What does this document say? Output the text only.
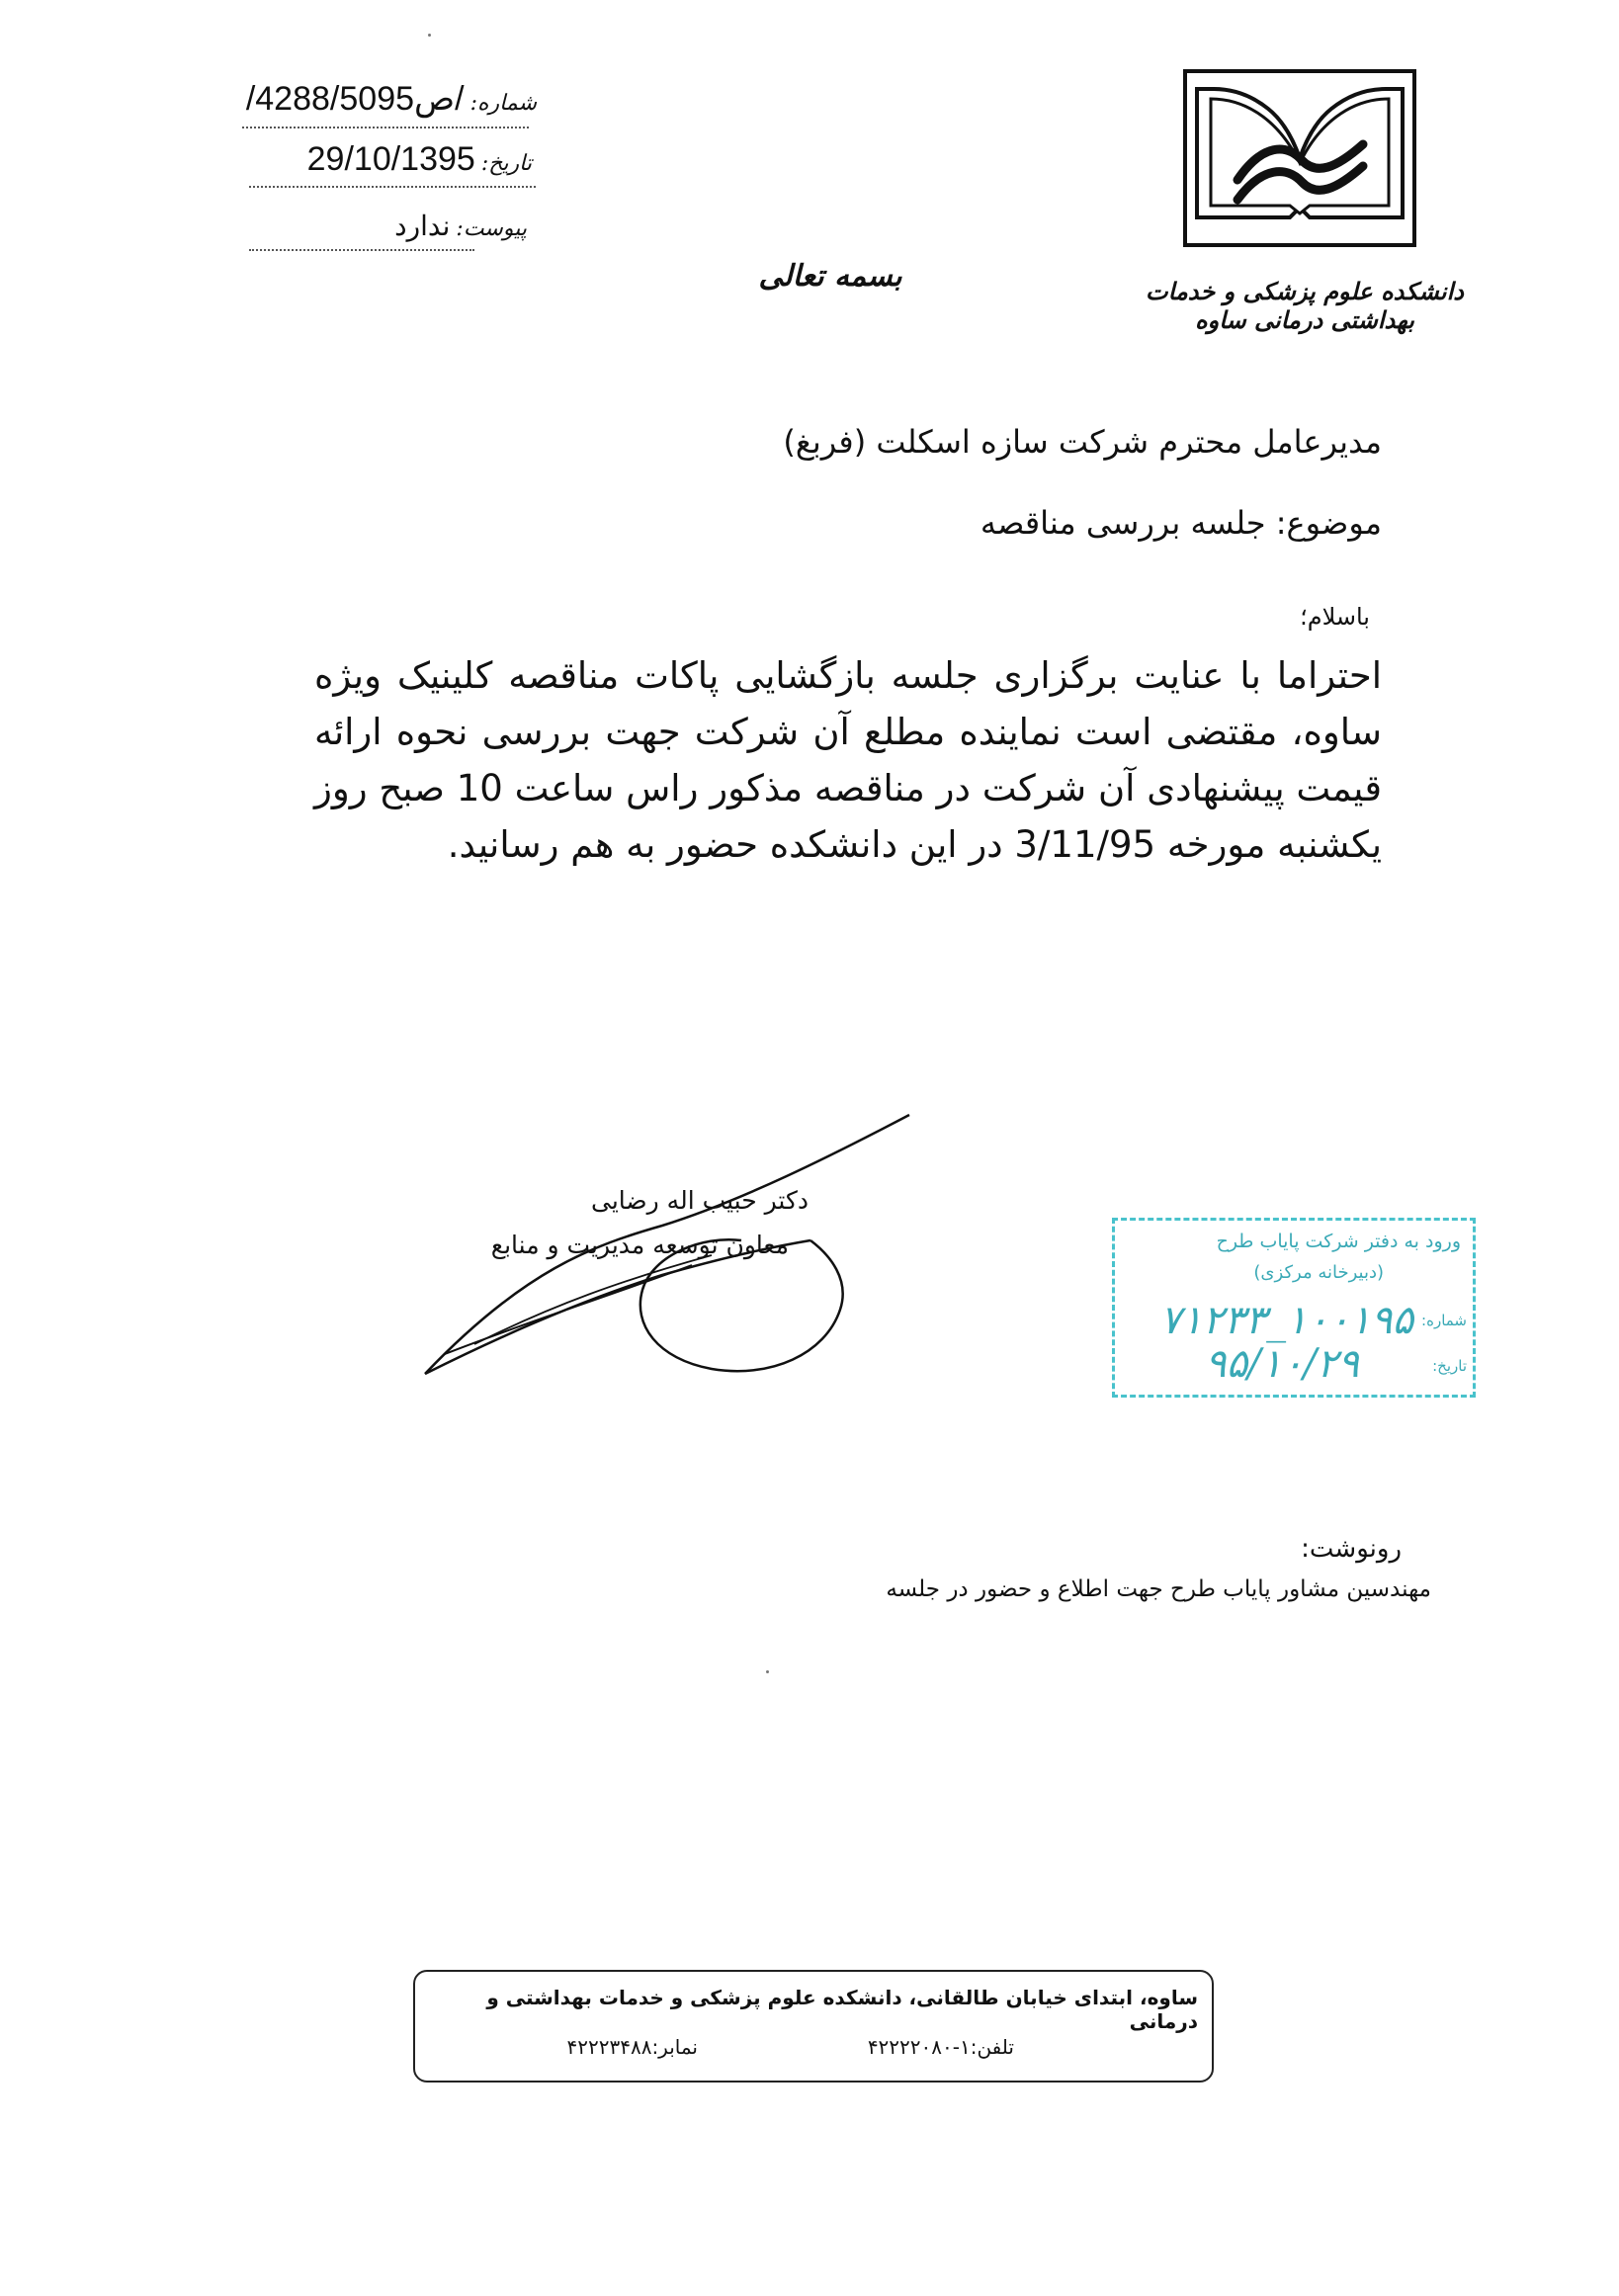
شماره:
/4288/50ص95/
تاریخ:
29/10/1395
پیوست:
ندارد
دانشکده علوم پزشکی و خدمات بهداشتی درمانی ساوه
بسمه تعالی
مدیرعامل محترم شرکت سازه اسکلت (فربغ)
موضوع: جلسه بررسی مناقصه
باسلام؛
احتراما با عنایت برگزاری جلسه بازگشایی پاکات مناقصه کلینیک ویژه ساوه، مقتضی است نماینده مطلع آن شرکت جهت بررسی نحوه ارائه قیمت پیشنهادی آن شرکت در مناقصه مذکور راس ساعت 10 صبح روز یکشنبه مورخه 3/11/95 در این دانشکده حضور به هم رسانید.
دکتر حبیب اله رضایی
معاون توسعه مدیریت و منابع	ورود به دفتر شرکت پایاب طرح
(دبیرخانه مرکزی)
شماره:
۱۰۰۱۹۵_۷۱۲۳۳
تاریخ:
۹۵/۱۰/۲۹
رونوشت:
مهندسین مشاور پایاب طرح جهت اطلاع و حضور در جلسه
ساوه، ابتدای خیابان طالقانی، دانشکده علوم پزشکی و خدمات بهداشتی و درمانی
تلفن:۱-۴۲۲۲۲۰۸۰
نمابر:۴۲۲۲۳۴۸۸
